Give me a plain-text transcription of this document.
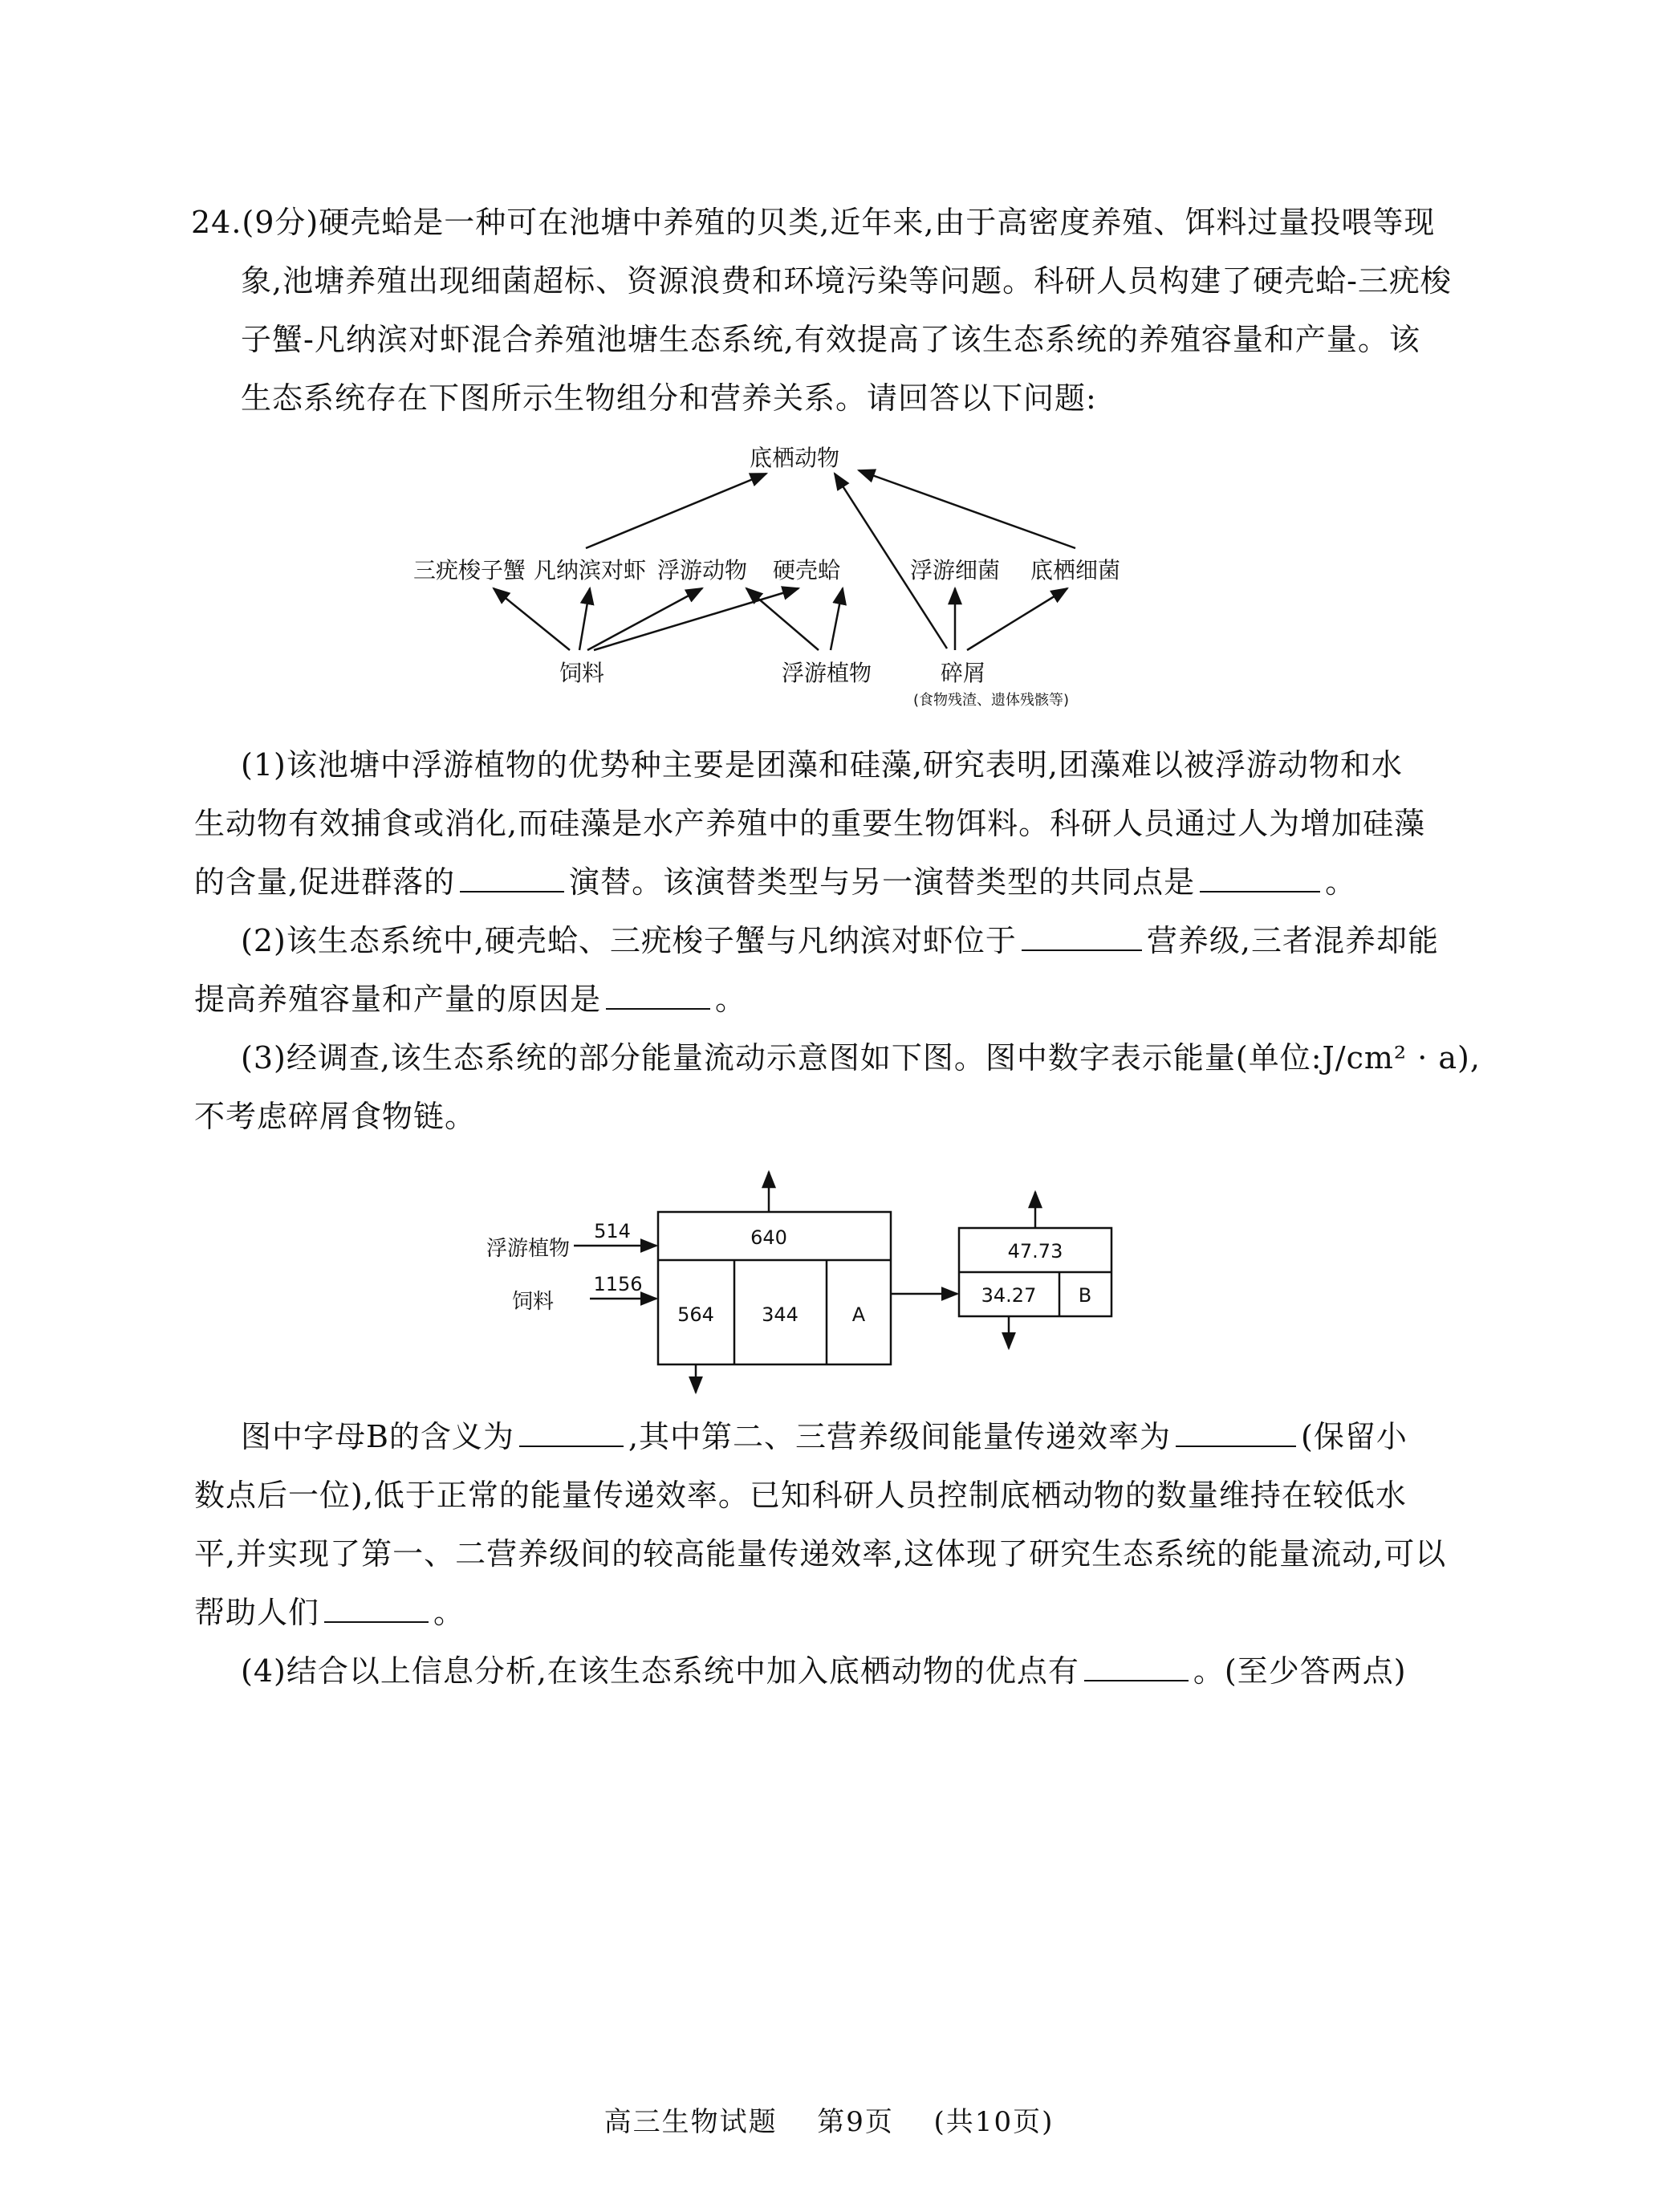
24.(9分)硬壳蛤是一种可在池塘中养殖的贝类,近年来,由于高密度养殖、饵料过量投喂等现
象,池塘养殖出现细菌超标、资源浪费和环境污染等问题。科研人员构建了硬壳蛤-三疣梭
子蟹-凡纳滨对虾混合养殖池塘生态系统,有效提高了该生态系统的养殖容量和产量。该
生态系统存在下图所示生物组分和营养关系。请回答以下问题:
底栖动物
三疣梭子蟹 凡纳滨对虾 浮游动物 硬壳蛤	浮游细菌 底栖细菌
饲料	浮游植物	碎屑
(食物残渣、遗体残骸等)
(1)该池塘中浮游植物的优势种主要是团藻和硅藻,研究表明,团藻难以被浮游动物和水
生动物有效捕食或消化,而硅藻是水产养殖中的重要生物饵料。科研人员通过人为增加硅藻
的含量,促进群落的	演替。该演替类型与另一演替类型的共同点是	。
(2)该生态系统中,硬壳蛤、三疣梭子蟹与凡纳滨对虾位于	营养级,三者混养却能
提高养殖容量和产量的原因是	。
(3)经调查,该生态系统的部分能量流动示意图如下图。图中数字表示能量(单位:J/cm² · a),
不考虑碎屑食物链。
浮游植物
514
饲料
1156
640
564 344	A
47.73
34.27 B
图中字母B的含义为	,其中第二、三营养级间能量传递效率为	(保留小
数点后一位),低于正常的能量传递效率。已知科研人员控制底栖动物的数量维持在较低水
平,并实现了第一、二营养级间的较高能量传递效率,这体现了研究生态系统的能量流动,可以
帮助人们	。
(4)结合以上信息分析,在该生态系统中加入底栖动物的优点有	。(至少答两点)
高三生物试题 第9页 (共10页)
